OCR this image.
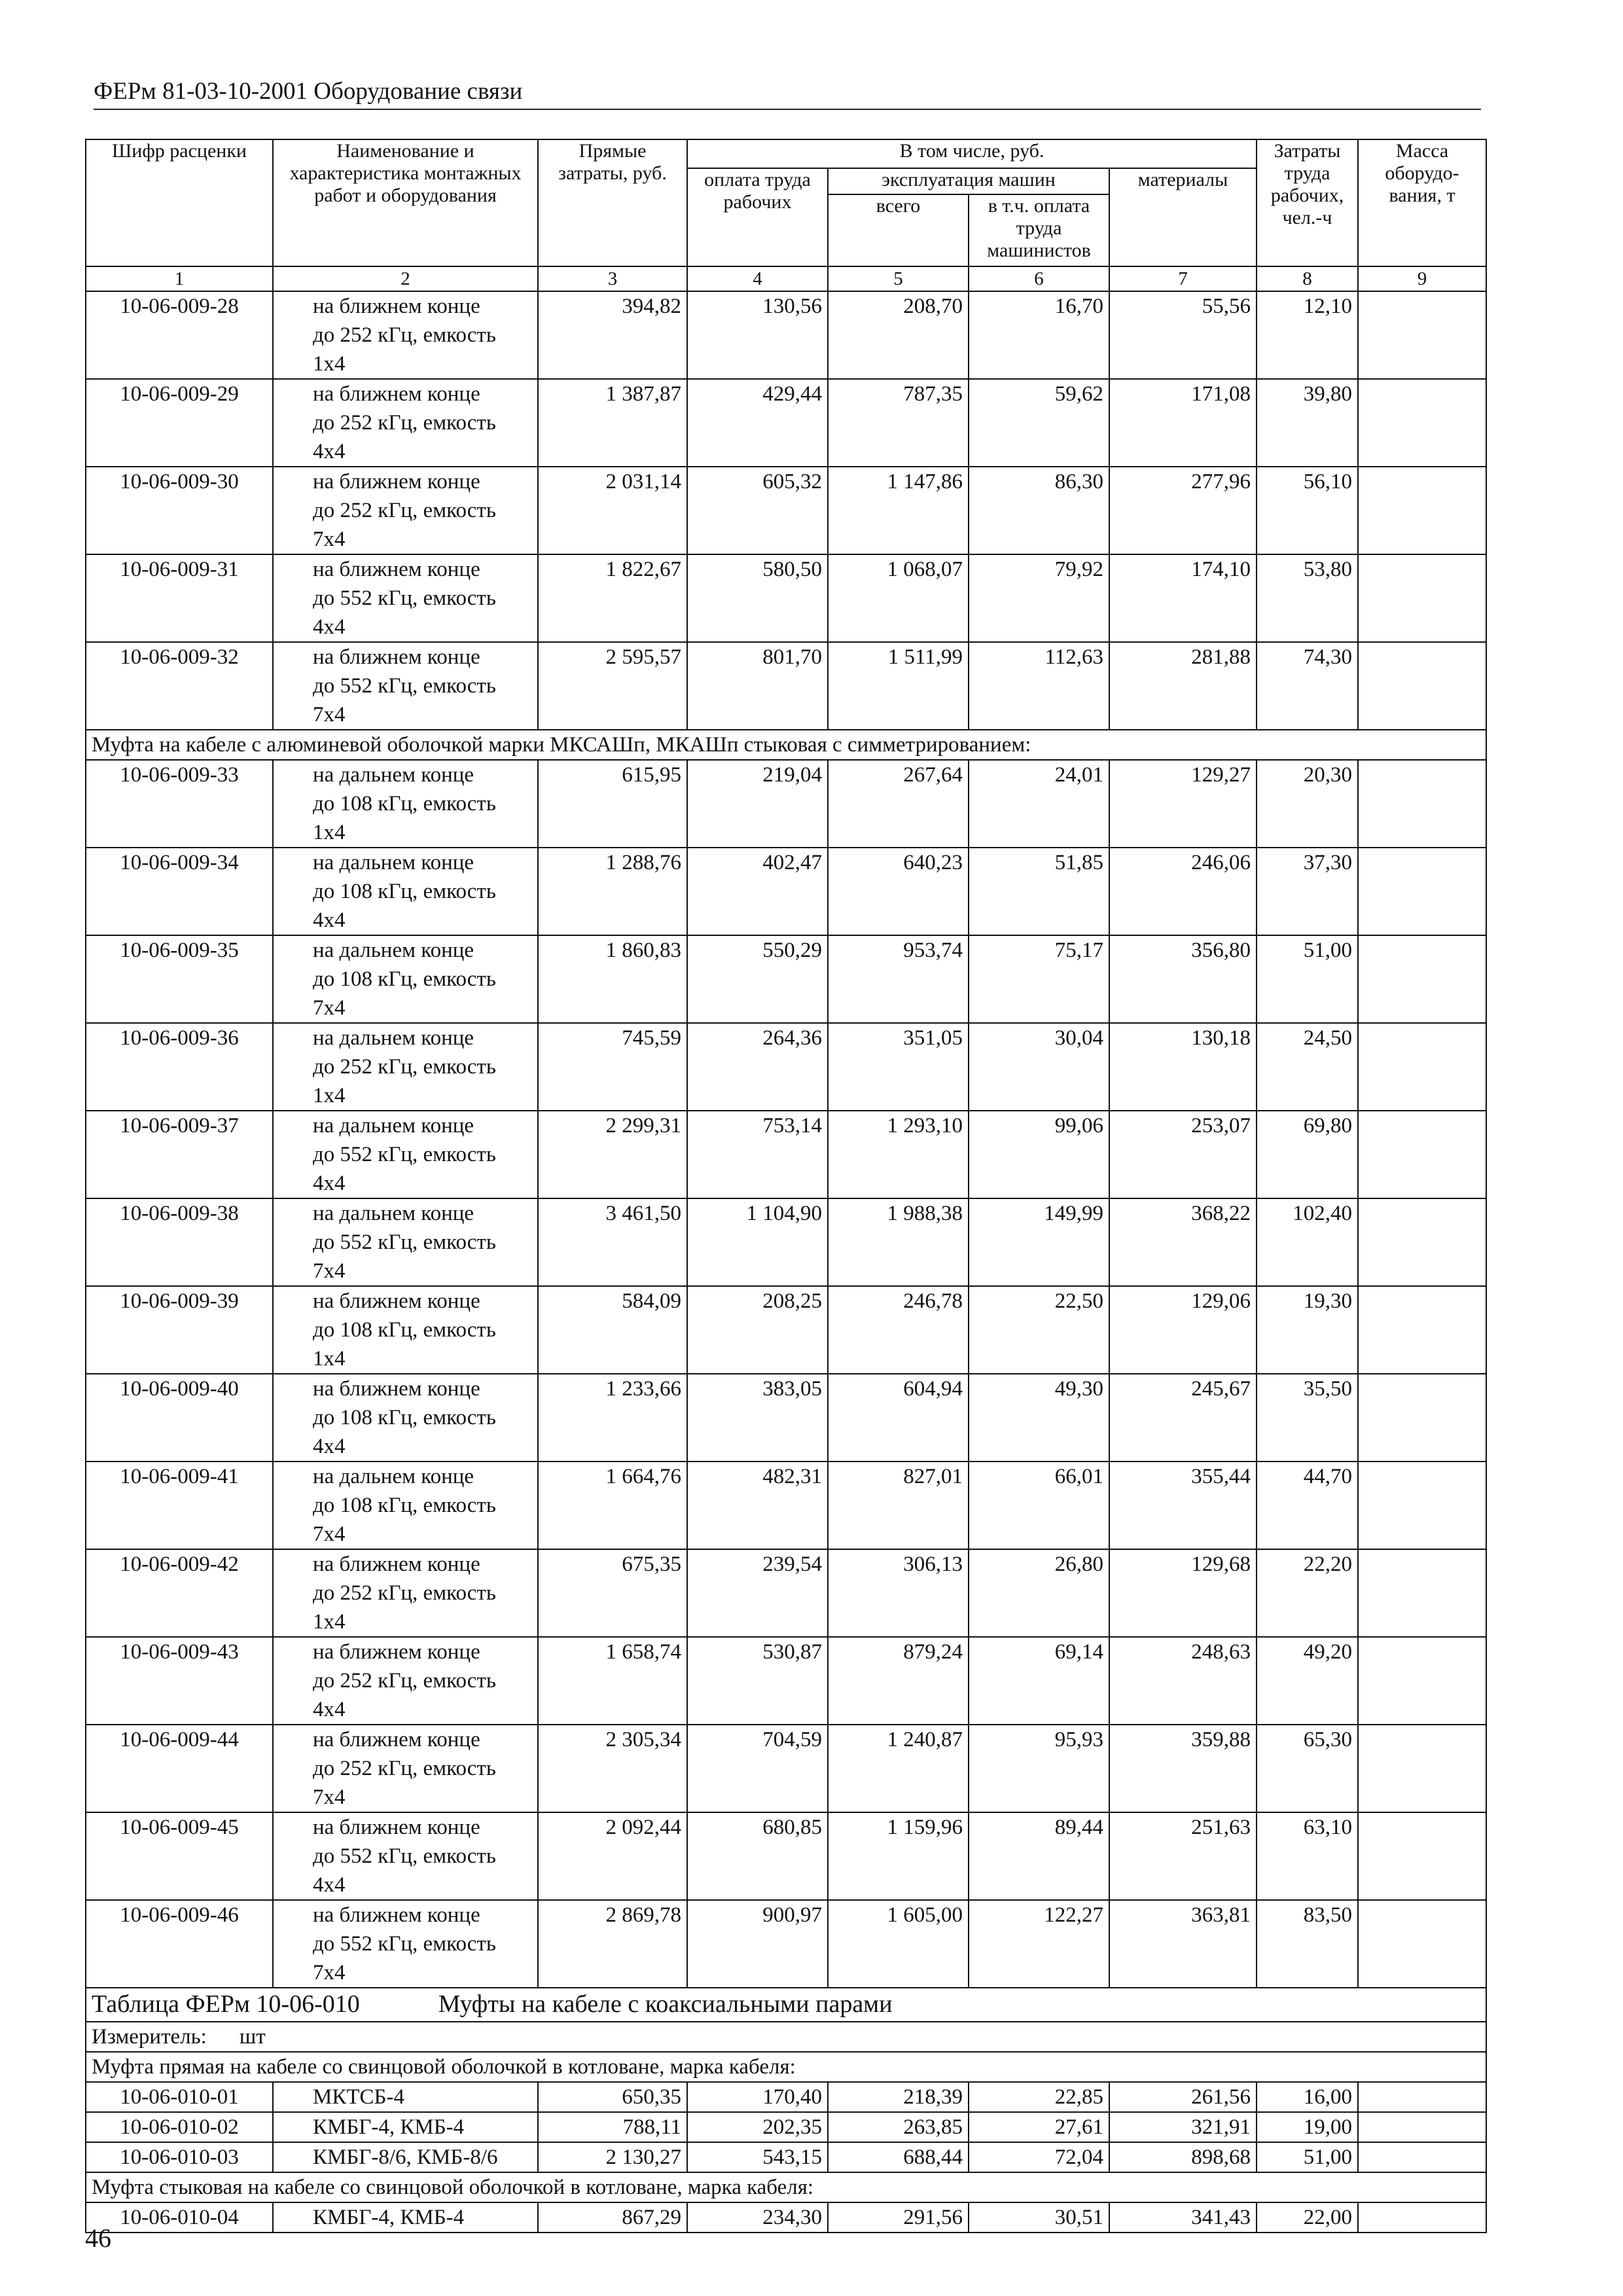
ФЕРм 81-03-10-2001 Оборудование связи
Шифр расценки	Наименование и характеристика монтажных работ и оборудования	Прямые затраты, руб.	В том числе, руб.				Затраты труда рабочих, чел.-ч	Масса оборудо-вания, т
			оплата труда рабочих	эксплуатация машин		материалы		
				всего	в т.ч. оплата труда машинистов			
1	2	3	4	5	6	7	8	9
10-06-009-28	на ближнем конце
до 252 кГц, емкость
1х4	394,82	130,56	208,70	16,70	55,56	12,10	
10-06-009-29	на ближнем конце
до 252 кГц, емкость
4х4	1 387,87	429,44	787,35	59,62	171,08	39,80	
10-06-009-30	на ближнем конце
до 252 кГц, емкость
7х4	2 031,14	605,32	1 147,86	86,30	277,96	56,10	
10-06-009-31	на ближнем конце
до 552 кГц, емкость
4х4	1 822,67	580,50	1 068,07	79,92	174,10	53,80	
10-06-009-32	на ближнем конце
до 552 кГц, емкость
7х4	2 595,57	801,70	1 511,99	112,63	281,88	74,30	
Муфта на кабеле с алюминевой оболочкой марки МКСАШп, МКАШп стыковая с симметрированием:								
10-06-009-33	на дальнем конце
до 108 кГц, емкость
1х4	615,95	219,04	267,64	24,01	129,27	20,30	
10-06-009-34	на дальнем конце
до 108 кГц, емкость
4х4	1 288,76	402,47	640,23	51,85	246,06	37,30	
10-06-009-35	на дальнем конце
до 108 кГц, емкость
7х4	1 860,83	550,29	953,74	75,17	356,80	51,00	
10-06-009-36	на дальнем конце
до 252 кГц, емкость
1х4	745,59	264,36	351,05	30,04	130,18	24,50	
10-06-009-37	на дальнем конце
до 552 кГц, емкость
4х4	2 299,31	753,14	1 293,10	99,06	253,07	69,80	
10-06-009-38	на дальнем конце
до 552 кГц, емкость
7х4	3 461,50	1 104,90	1 988,38	149,99	368,22	102,40	
10-06-009-39	на ближнем конце
до 108 кГц, емкость
1х4	584,09	208,25	246,78	22,50	129,06	19,30	
10-06-009-40	на ближнем конце
до 108 кГц, емкость
4х4	1 233,66	383,05	604,94	49,30	245,67	35,50	
10-06-009-41	на дальнем конце
до 108 кГц, емкость
7х4	1 664,76	482,31	827,01	66,01	355,44	44,70	
10-06-009-42	на ближнем конце
до 252 кГц, емкость
1х4	675,35	239,54	306,13	26,80	129,68	22,20	
10-06-009-43	на ближнем конце
до 252 кГц, емкость
4х4	1 658,74	530,87	879,24	69,14	248,63	49,20	
10-06-009-44	на ближнем конце
до 252 кГц, емкость
7х4	2 305,34	704,59	1 240,87	95,93	359,88	65,30	
10-06-009-45	на ближнем конце
до 552 кГц, емкость
4х4	2 092,44	680,85	1 159,96	89,44	251,63	63,10	
10-06-009-46	на ближнем конце
до 552 кГц, емкость
7х4	2 869,78	900,97	1 605,00	122,27	363,81	83,50	
Таблица ФЕРм 10-06-010 Муфты на кабеле с коаксиальными парами								
Измеритель: шт								
Муфта прямая на кабеле со свинцовой оболочкой в котловане, марка кабеля:								
10-06-010-01	МКТСБ-4	650,35	170,40	218,39	22,85	261,56	16,00	
10-06-010-02	КМБГ-4, КМБ-4	788,11	202,35	263,85	27,61	321,91	19,00	
10-06-010-03	КМБГ-8/6, КМБ-8/6	2 130,27	543,15	688,44	72,04	898,68	51,00	
Муфта стыковая на кабеле со свинцовой оболочкой в котловане, марка кабеля:								
10-06-010-04	КМБГ-4, КМБ-4	867,29	234,30	291,56	30,51	341,43	22,00	
46
